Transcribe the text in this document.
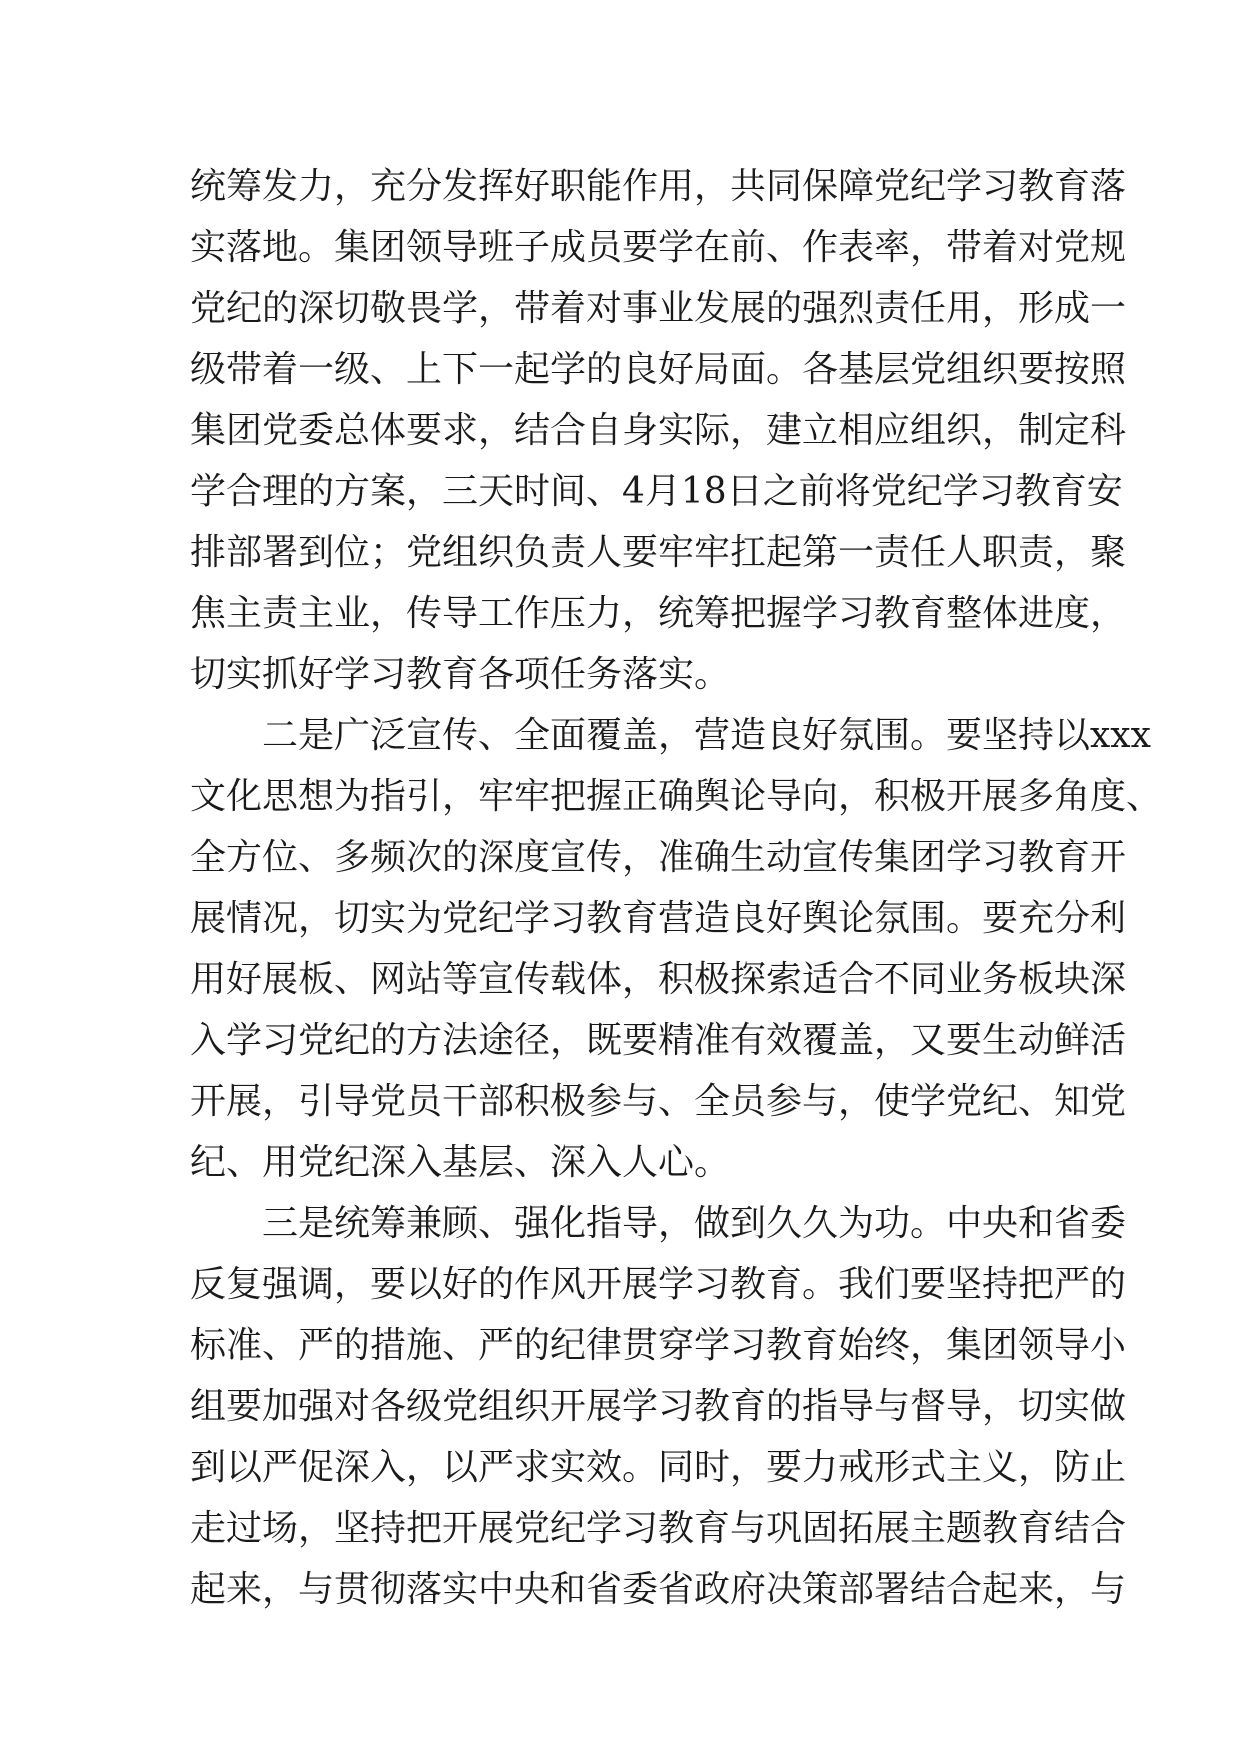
统筹发力，充分发挥好职能作用，共同保障党纪学习教育落
实落地。集团领导班子成员要学在前、作表率，带着对党规
党纪的深切敬畏学，带着对事业发展的强烈责任用，形成一
级带着一级、上下一起学的良好局面。各基层党组织要按照
集团党委总体要求，结合自身实际，建立相应组织，制定科
学合理的方案，三天时间、4月18日之前将党纪学习教育安
排部署到位；党组织负责人要牢牢扛起第一责任人职责，聚
焦主责主业，传导工作压力，统筹把握学习教育整体进度，
切实抓好学习教育各项任务落实。
二是广泛宣传、全面覆盖，营造良好氛围。要坚持以xxx
文化思想为指引，牢牢把握正确舆论导向，积极开展多角度、
全方位、多频次的深度宣传，准确生动宣传集团学习教育开
展情况，切实为党纪学习教育营造良好舆论氛围。要充分利
用好展板、网站等宣传载体，积极探索适合不同业务板块深
入学习党纪的方法途径，既要精准有效覆盖，又要生动鲜活
开展，引导党员干部积极参与、全员参与，使学党纪、知党
纪、用党纪深入基层、深入人心。
三是统筹兼顾、强化指导，做到久久为功。中央和省委
反复强调，要以好的作风开展学习教育。我们要坚持把严的
标准、严的措施、严的纪律贯穿学习教育始终，集团领导小
组要加强对各级党组织开展学习教育的指导与督导，切实做
到以严促深入，以严求实效。同时，要力戒形式主义，防止
走过场，坚持把开展党纪学习教育与巩固拓展主题教育结合
起来，与贯彻落实中央和省委省政府决策部署结合起来，与
